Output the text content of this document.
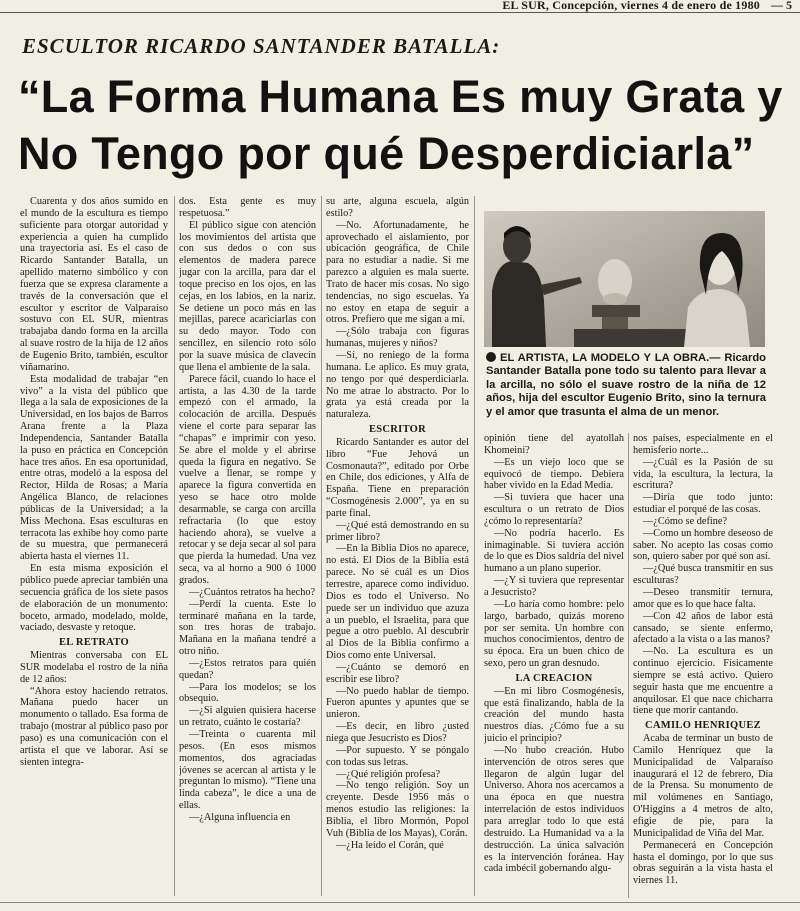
EL SUR, Concepción, viernes 4 de enero de 1980 — 5
ESCULTOR RICARDO SANTANDER BATALLA:
“La Forma Humana Es muy Grata y No Tengo por qué Desperdiciarla”

Cuarenta y dos años sumido en el mundo de la escultura es tiempo suficiente para otorgar autoridad y experiencia a quien ha cumplido una trayectoria así. Es el caso de Ricardo Santander Batalla, un apellido materno simbólico y con fuerza que se expresa claramente a través de la conversación que el escultor y escritor de Valparaíso sostuvo con EL SUR, mientras trabajaba dando forma en la arcilla al suave rostro de la hija de 12 años de Eugenio Brito, también, escultor viñamarino.

Esta modalidad de trabajar “en vivo” a la vista del público que llega a la sala de exposiciones de la Universidad, en los bajos de Barros Arana frente a la Plaza Independencia, Santander Batalla la puso en práctica en Concepción hace tres años. En esa oportunidad, entre otras, modeló a la esposa del Rector, Hilda de Rosas; a María Angélica Blanco, de relaciones públicas de la Universidad; a la Miss Mechona. Esas esculturas en terracota las exhibe hoy como parte de su muestra, que permanecerá abierta hasta el viernes 11.

En esta misma exposición el público puede apreciar también una secuencia gráfica de los siete pasos de elaboración de un monumento: boceto, armado, modelado, molde, vaciado, desvaste y retoque.

EL RETRATO

Mientras conversaba con EL SUR modelaba el rostro de la niña de 12 años:

“Ahora estoy haciendo retratos. Mañana puedo hacer un monumento o tallado. Esa forma de trabajo (mostrar al público paso por paso) es una comunicación con el artista el que ve laborar. Así se sienten integra-

dos. Esta gente es muy respetuosa.”

El público sigue con atención los movimientos del artista que con sus dedos o con sus elementos de madera parece jugar con la arcilla, para dar el toque preciso en los ojos, en las cejas, en los labios, en la nariz. Se detiene un poco más en las mejillas, parece acariciarlas con su dedo mayor. Todo con sencillez, en silencio roto sólo por la suave música de clavecín que llena el ambiente de la sala.

Parece fácil, cuando lo hace el artista, a las 4.30 de la tarde empezó con el armado, la colocación de arcilla. Después viene el corte para separar las “chapas” e imprimir con yeso. Se abre el molde y el abrirse queda la figura en negativo. Se vuelve a llenar, se rompe y aparece la figura convertida en yeso se hace otro molde desarmable, se carga con arcilla refractaria (lo que estoy haciendo ahora), se vuelve a retocar y se deja secar al sol para que pierda la humedad. Una vez seca, va al horno a 900 ó 1000 grados.

—¿Cuántos retratos ha hecho?

—Perdí la cuenta. Este lo terminaré mañana en la tarde, son tres horas de trabajo. Mañana en la mañana tendré a otro niño.

—¿Estos retratos para quién quedan?

—Para los modelos; se los obsequio.

—¿Si alguien quisiera hacerse un retrato, cuánto le costaría?

—Treinta o cuarenta mil pesos. (En esos mismos momentos, dos agraciadas jóvenes se acercan al artista y le preguntan lo mismo). “Tiene una linda cabeza”, le dice a una de ellas.

—¿Alguna influencia en

su arte, alguna escuela, algún estilo?

—No. Afortunadamente, he aprovechado el aislamiento, por ubicación geográfica, de Chile para no estudiar a nadie. Si me parezco a alguien es mala suerte. Trato de hacer mis cosas. No sigo tendencias, no sigo escuelas. Ya no estoy en etapa de seguir a otros. Prefiero que me sigan a mí.

—¿Sólo trabaja con figuras humanas, mujeres y niños?

—Sí, no reniego de la forma humana. Le aplico. Es muy grata, no tengo por qué desperdiciarla. No me atrae lo abstracto. Por lo grata ya está creada por la naturaleza.

ESCRITOR

Ricardo Santander es autor del libro “Fue Jehová un Cosmonauta?”, editado por Orbe en Chile, dos ediciones, y Alfa de España. Tiene en preparación “Cosmogénesis 2.000”, ya en su parte final.

—¿Qué está demostrando en su primer libro?

—En la Biblia Dios no aparece, no está. El Dios de la Biblia está parece. No sé cuál es un Dios terrestre, aparece como individuo. Dios es todo el Universo. No puede ser un individuo que azuza a un pueblo, el Israelita, para que pegue a otro pueblo. Al descubrir al Dios de la Biblia confirmo a Dios como ente Universal.

—¿Cuánto se demoró en escribir ese libro?

—No puedo hablar de tiempo. Fueron apuntes y apuntes que se unieron.

—Es decir, en libro ¿usted niega que Jesucristo es Dios?

—Por supuesto. Y se póngalo con todas sus letras.

—¿Qué religión profesa?

—No tengo religión. Soy un creyente. Desde 1956 más o menos estudio las religiones: la Biblia, el libro Mormón, Popol Vuh (Biblia de los Mayas), Corán.

—¿Ha leído el Corán, qué

EL ARTISTA, LA MODELO Y LA OBRA.— Ricardo Santander Batalla pone todo su talento para llevar a la arcilla, no sólo el suave rostro de la niña de 12 años, hija del escultor Eugenio Brito, sino la ternura y el amor que trasunta el alma de un menor.

opinión tiene del ayatollah Khomeini?

—Es un viejo loco que se equivocó de tiempo. Debiera haber vivido en la Edad Media.

—Si tuviera que hacer una escultura o un retrato de Dios ¿cómo lo representaría?

—No podría hacerlo. Es inimaginable. Si tuviera acción de lo que es Dios saldría del nivel humano a un plano superior.

—¿Y si tuviera que representar a Jesucristo?

—Lo haría como hombre: pelo largo, barbado, quizás moreno por ser semita. Un hombre con muchos conocimientos, dentro de su época. Era un buen chico de sexo, pero un gran desnudo.

LA CREACION

—En mi libro Cosmogénesis, que está finalizando, habla de la creación del mundo hasta nuestros días. ¿Cómo fue a su juicio el principio?

—No hubo creación. Hubo intervención de otros seres que llegaron de algún lugar del Universo. Ahora nos acercamos a una época en que nuestra interrelación de estos individuos para arreglar todo lo que está destruido. La Humanidad va a la destrucción. La única salvación es la intervención foránea. Hay cada imbécil gobernando algu-

nos países, especialmente en el hemisferio norte...

—¿Cuál es la Pasión de su vida, la escultura, la lectura, la escritura?

—Diría que todo junto: estudiar el porqué de las cosas.

—¿Cómo se define?

—Como un hombre deseoso de saber. No acepto las cosas como son, quiero saber por qué son así.

—¿Qué busca transmitir en sus esculturas?

—Deseo transmitir ternura, amor que es lo que hace falta.

—Con 42 años de labor está cansado, se siente enfermo, afectado a la vista o a las manos?

—No. La escultura es un continuo ejercicio. Físicamente siempre se está activo. Quiero seguir hasta que me encuentre a anquilosar. El que nace chicharra tiene que morir cantando.

CAMILO HENRIQUEZ

Acaba de terminar un busto de Camilo Henríquez que la Municipalidad de Valparaíso inaugurará el 12 de febrero, Día de la Prensa. Su monumento de mil volúmenes en Santiago, O'Higgins a 4 metros de alto, efigie de pie, para la Municipalidad de Viña del Mar.

Permanecerá en Concepción hasta el domingo, por lo que sus obras seguirán a la vista hasta el viernes 11.
